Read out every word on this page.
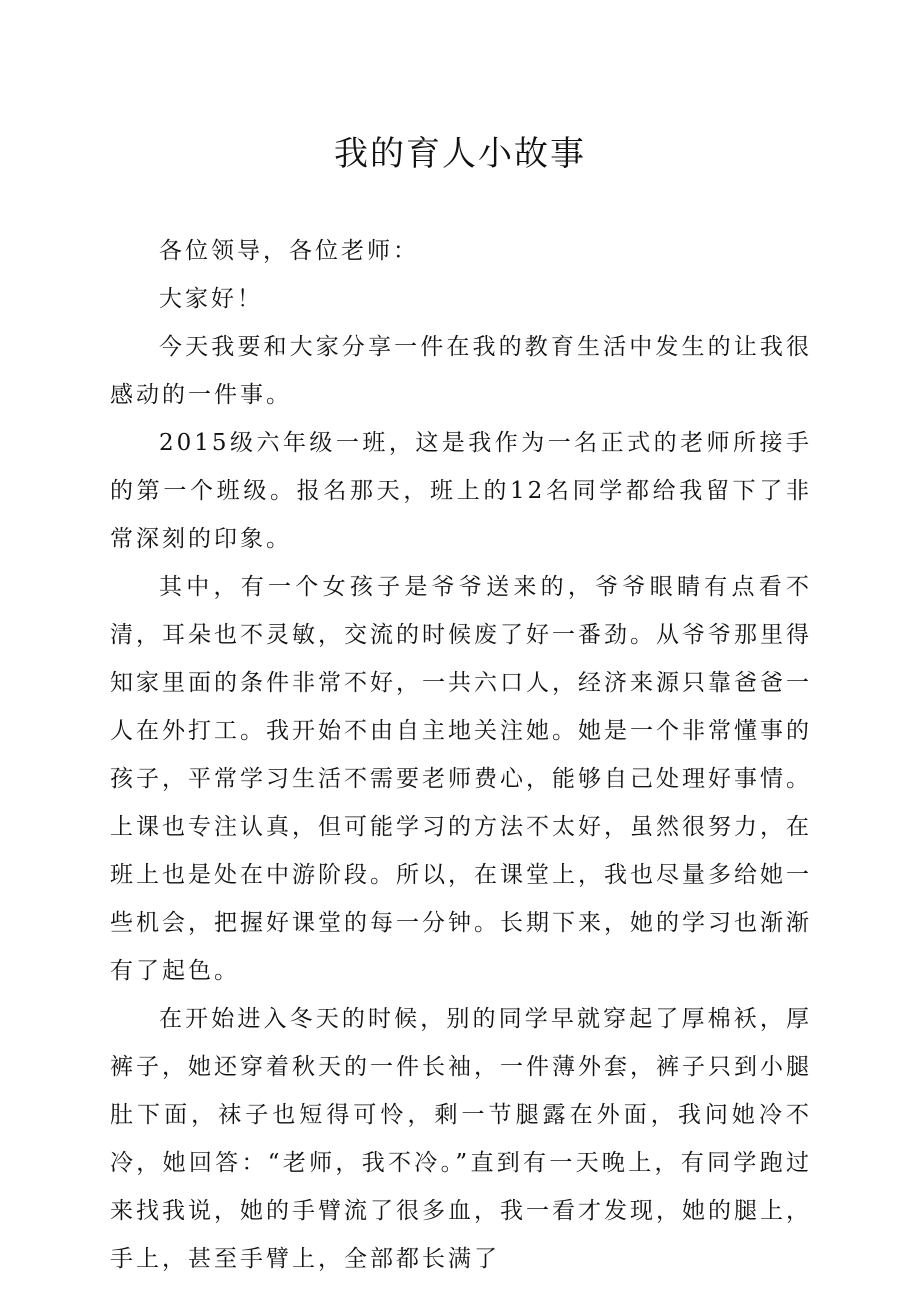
我的育人小故事

各位领导，各位老师：

大家好！

今天我要和大家分享一件在我的教育生活中发生的让我很感动的一件事。

2015级六年级一班，这是我作为一名正式的老师所接手的第一个班级。报名那天，班上的12名同学都给我留下了非常深刻的印象。

其中，有一个女孩子是爷爷送来的，爷爷眼睛有点看不清，耳朵也不灵敏，交流的时候废了好一番劲。从爷爷那里得知家里面的条件非常不好，一共六口人，经济来源只靠爸爸一人在外打工。我开始不由自主地关注她。她是一个非常懂事的孩子，平常学习生活不需要老师费心，能够自己处理好事情。上课也专注认真，但可能学习的方法不太好，虽然很努力，在班上也是处在中游阶段。所以，在课堂上，我也尽量多给她一些机会，把握好课堂的每一分钟。长期下来，她的学习也渐渐有了起色。

在开始进入冬天的时候，别的同学早就穿起了厚棉袄，厚裤子，她还穿着秋天的一件长袖，一件薄外套，裤子只到小腿肚下面，袜子也短得可怜，剩一节腿露在外面，我问她冷不冷，她回答：“老师，我不冷。”直到有一天晚上，有同学跑过来找我说，她的手臂流了很多血，我一看才发现，她的腿上，手上，甚至手臂上，全部都长满了
